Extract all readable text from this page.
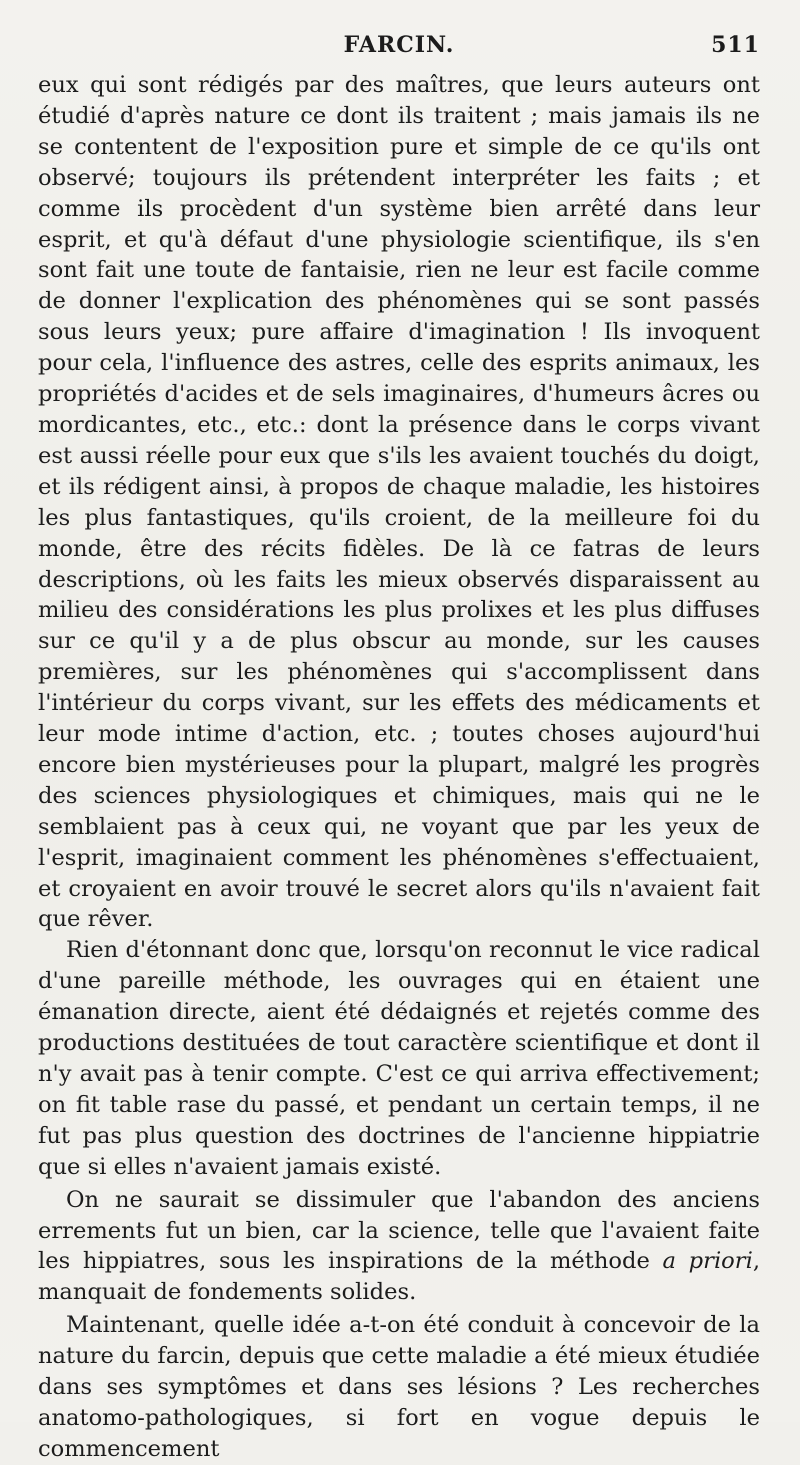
FARCIN.	511

eux qui sont rédigés par des maîtres, que leurs auteurs ont étudié d'après nature ce dont ils traitent ; mais jamais ils ne se contentent de l'exposition pure et simple de ce qu'ils ont observé; toujours ils prétendent interpréter les faits ; et comme ils procèdent d'un système bien arrêté dans leur esprit, et qu'à défaut d'une physiologie scientifique, ils s'en sont fait une toute de fantaisie, rien ne leur est facile comme de donner l'explication des phénomènes qui se sont passés sous leurs yeux; pure affaire d'imagination ! Ils invoquent pour cela, l'influence des astres, celle des esprits animaux, les propriétés d'acides et de sels imaginaires, d'humeurs âcres ou mordicantes, etc., etc.: dont la présence dans le corps vivant est aussi réelle pour eux que s'ils les avaient touchés du doigt, et ils rédigent ainsi, à propos de chaque maladie, les histoires les plus fantastiques, qu'ils croient, de la meilleure foi du monde, être des récits fidèles. De là ce fatras de leurs descriptions, où les faits les mieux observés disparaissent au milieu des considérations les plus prolixes et les plus diffuses sur ce qu'il y a de plus obscur au monde, sur les causes premières, sur les phénomènes qui s'accomplissent dans l'intérieur du corps vivant, sur les effets des médicaments et leur mode intime d'action, etc. ; toutes choses aujourd'hui encore bien mystérieuses pour la plupart, malgré les progrès des sciences physiologiques et chimiques, mais qui ne le semblaient pas à ceux qui, ne voyant que par les yeux de l'esprit, imaginaient comment les phénomènes s'effectuaient, et croyaient en avoir trouvé le secret alors qu'ils n'avaient fait que rêver.

Rien d'étonnant donc que, lorsqu'on reconnut le vice radical d'une pareille méthode, les ouvrages qui en étaient une émanation directe, aient été dédaignés et rejetés comme des productions destituées de tout caractère scientifique et dont il n'y avait pas à tenir compte. C'est ce qui arriva effectivement; on fit table rase du passé, et pendant un certain temps, il ne fut pas plus question des doctrines de l'ancienne hippiatrie que si elles n'avaient jamais existé.

On ne saurait se dissimuler que l'abandon des anciens errements fut un bien, car la science, telle que l'avaient faite les hippiatres, sous les inspirations de la méthode a priori, manquait de fondements solides.

Maintenant, quelle idée a-t-on été conduit à concevoir de la nature du farcin, depuis que cette maladie a été mieux étudiée dans ses symptômes et dans ses lésions ? Les recherches anatomo-pathologiques, si fort en vogue depuis le commencement
